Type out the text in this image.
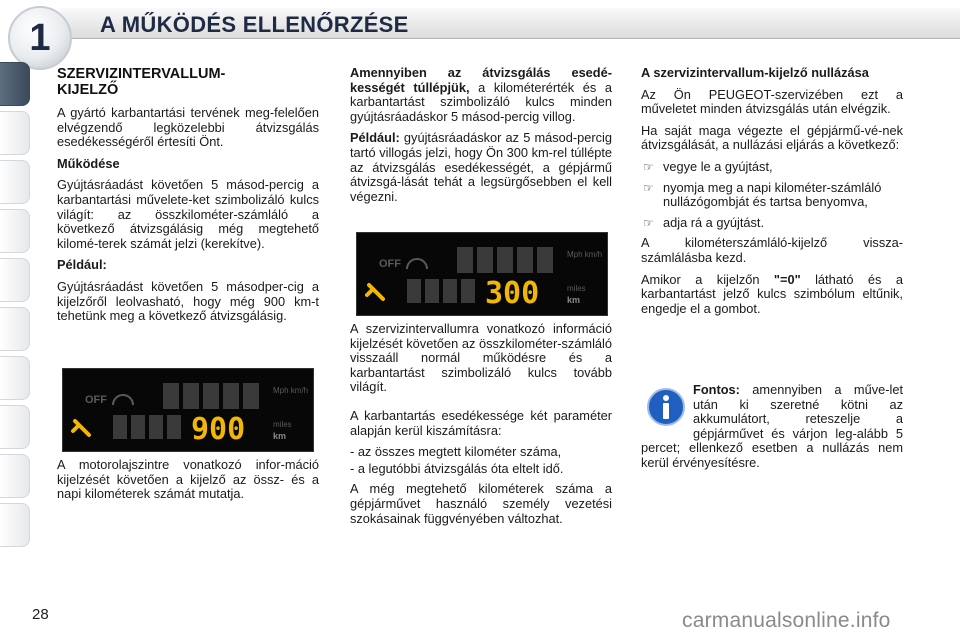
1	A MŰKÖDÉS ELLENŐRZÉSE
SZERVIZINTERVALLUM-
KIJELZŐ

A gyártó karbantartási tervének meg-felelően elvégzendő legközelebbi átvizsgálás esedékességéről értesíti Önt.

Működése

Gyújtásráadást követően 5 másod-percig a karbantartási művelete-ket szimbolizáló kulcs világít: az összkilométer-számláló a következő átvizsgálásig még megtehető kilomé-terek számát jelzi (kerekítve).

Például:

Gyújtásráadást követően 5 másodper-cig a kijelzőről leolvasható, hogy még 900 km-t tehetünk meg a következő átvizsgálásig.

A motorolajszintre vonatkozó infor-máció kijelzését követően a kijelző az össz- és a napi kilométerek számát mutatja.

OFF
Mph km/h
900	miles
km

Amennyiben az átvizsgálás esedé-kességét túllépjük, a kilométerérték és a karbantartást szimbolizáló kulcs minden gyújtásráadáskor 5 másod-percig villog.

Például: gyújtásráadáskor az 5 másod-percig tartó villogás jelzi, hogy Ön 300 km-rel túllépte az átvizsgálás esedékességét, a gépjármű átvizsgá-lását tehát a legsürgősebben el kell végezni.

OFF
Mph km/h
300	miles
km

A szervizintervallumra vonatkozó információ kijelzését követően az összkilométer-számláló visszaáll normál működésre és a karbantartást szimbolizáló kulcs tovább világít.

A karbantartás esedékessége két paraméter alapján kerül kiszámításra:

- az összes megtett kilométer száma,
- a legutóbbi átvizsgálás óta eltelt idő.

A még megtehető kilométerek száma a gépjárművet használó személy vezetési szokásainak függvényében változhat.

A szervizintervallum-kijelző nullázása

Az Ön PEUGEOT-szervizében ezt a műveletet minden átvizsgálás után elvégzik.

Ha saját maga végezte el gépjármű-vé-nek átvizsgálását, a nullázási eljárás a következő:

☞ vegye le a gyújtást,
☞ nyomja meg a napi kilométer-számláló nullázógombját és tartsa benyomva,
☞ adja rá a gyújtást.

A kilométerszámláló-kijelző vissza-számlálásba kezd.

Amikor a kijelzőn "=0" látható és a karbantartást jelző kulcs szimbólum eltűnik, engedje el a gombot.

Fontos: amennyiben a műve-let után ki szeretné kötni az akkumulátort, reteszelje a gépjárművet és várjon leg-alább 5 percet; ellenkező esetben a nullázás nem kerül érvényesítésre.
28	carmanualsonline.info
